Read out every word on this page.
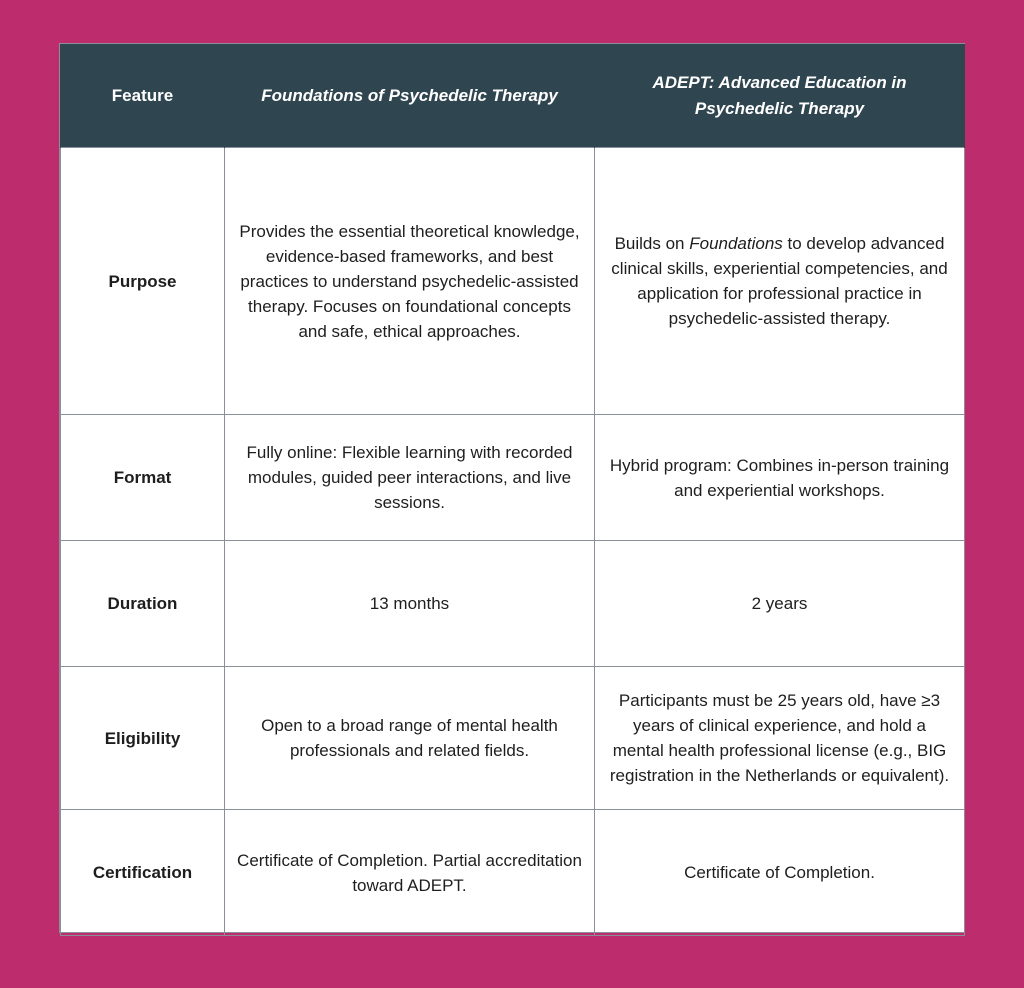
Feature	Foundations of Psychedelic Therapy	ADEPT: Advanced Education in Psychedelic Therapy
Purpose	Provides the essential theoretical knowledge, evidence-based frameworks, and best practices to understand psychedelic-assisted therapy. Focuses on foundational concepts and safe, ethical approaches.	Builds on Foundations to develop advanced clinical skills, experiential competencies, and application for professional practice in psychedelic-assisted therapy.
Format	Fully online: Flexible learning with recorded modules, guided peer interactions, and live sessions.	Hybrid program: Combines in-person training and experiential workshops.
Duration	13 months	2 years
Eligibility	Open to a broad range of mental health professionals and related fields.	Participants must be 25 years old, have ≥3 years of clinical experience, and hold a mental health professional license (e.g., BIG registration in the Netherlands or equivalent).
Certification	Certificate of Completion. Partial accreditation toward ADEPT.	Certificate of Completion.
